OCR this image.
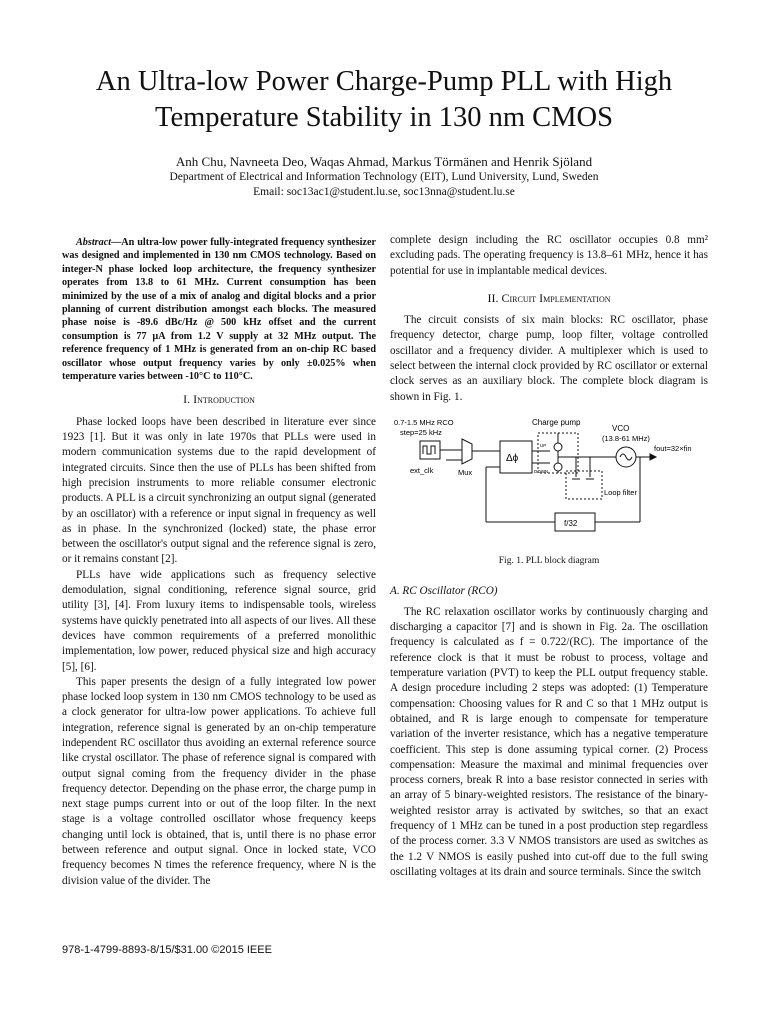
An Ultra-low Power Charge-Pump PLL with High Temperature Stability in 130 nm CMOS
Anh Chu, Navneeta Deo, Waqas Ahmad, Markus Törmänen and Henrik Sjöland
Department of Electrical and Information Technology (EIT), Lund University, Lund, Sweden
Email: soc13ac1@student.lu.se, soc13nna@student.lu.se

Abstract—An ultra-low power fully-integrated frequency synthesizer was designed and implemented in 130 nm CMOS technology. Based on integer-N phase locked loop architecture, the frequency synthesizer operates from 13.8 to 61 MHz. Current consumption has been minimized by the use of a mix of analog and digital blocks and a prior planning of current distribution amongst each blocks. The measured phase noise is -89.6 dBc/Hz @ 500 kHz offset and the current consumption is 77 µA from 1.2 V supply at 32 MHz output. The reference frequency of 1 MHz is generated from an on-chip RC based oscillator whose output frequency varies by only ±0.025% when temperature varies between -10°C to 110°C.

I. Introduction

Phase locked loops have been described in literature ever since 1923 [1]. But it was only in late 1970s that PLLs were used in modern communication systems due to the rapid development of integrated circuits. Since then the use of PLLs has been shifted from high precision instruments to more reliable consumer electronic products. A PLL is a circuit synchronizing an output signal (generated by an oscillator) with a reference or input signal in frequency as well as in phase. In the synchronized (locked) state, the phase error between the oscillator's output signal and the reference signal is zero, or it remains constant [2].

PLLs have wide applications such as frequency selective demodulation, signal conditioning, reference signal source, grid utility [3], [4]. From luxury items to indispensable tools, wireless systems have quickly penetrated into all aspects of our lives. All these devices have common requirements of a preferred monolithic implementation, low power, reduced physical size and high accuracy [5], [6].

This paper presents the design of a fully integrated low power phase locked loop system in 130 nm CMOS technology to be used as a clock generator for ultra-low power applications. To achieve full integration, reference signal is generated by an on-chip temperature independent RC oscillator thus avoiding an external reference source like crystal oscillator. The phase of reference signal is compared with output signal coming from the frequency divider in the phase frequency detector. Depending on the phase error, the charge pump in next stage pumps current into or out of the loop filter. In the next stage is a voltage controlled oscillator whose frequency keeps changing until lock is obtained, that is, until there is no phase error between reference and output signal. Once in locked state, VCO frequency becomes N times the reference frequency, where N is the division value of the divider. The

complete design including the RC oscillator occupies 0.8 mm² excluding pads. The operating frequency is 13.8–61 MHz, hence it has potential for use in implantable medical devices.

II. Circuit Implementation

The circuit consists of six main blocks: RC oscillator, phase frequency detector, charge pump, loop filter, voltage controlled oscillator and a frequency divider. A multiplexer which is used to select between the internal clock provided by RC oscillator or external clock serves as an auxiliary block. The complete block diagram is shown in Fig. 1.

0.7-1.5 MHz RCO
step=25 kHz
Charge pump
VCO
(13.8-61 MHz)
fout=32×fin
ext_clk	Mux
Δϕ
UP
DOWN
Loop filter
f/32
Fig. 1. PLL block diagram
A. RC Oscillator (RCO)

The RC relaxation oscillator works by continuously charging and discharging a capacitor [7] and is shown in Fig. 2a. The oscillation frequency is calculated as f = 0.722/(RC). The importance of the reference clock is that it must be robust to process, voltage and temperature variation (PVT) to keep the PLL output frequency stable. A design procedure including 2 steps was adopted: (1) Temperature compensation: Choosing values for R and C so that 1 MHz output is obtained, and R is large enough to compensate for temperature variation of the inverter resistance, which has a negative temperature coefficient. This step is done assuming typical corner. (2) Process compensation: Measure the maximal and minimal frequencies over process corners, break R into a base resistor connected in series with an array of 5 binary-weighted resistors. The resistance of the binary-weighted resistor array is activated by switches, so that an exact frequency of 1 MHz can be tuned in a post production step regardless of the process corner. 3.3 V NMOS transistors are used as switches as the 1.2 V NMOS is easily pushed into cut-off due to the full swing oscillating voltages at its drain and source terminals. Since the switch

978-1-4799-8893-8/15/$31.00 ©2015 IEEE
